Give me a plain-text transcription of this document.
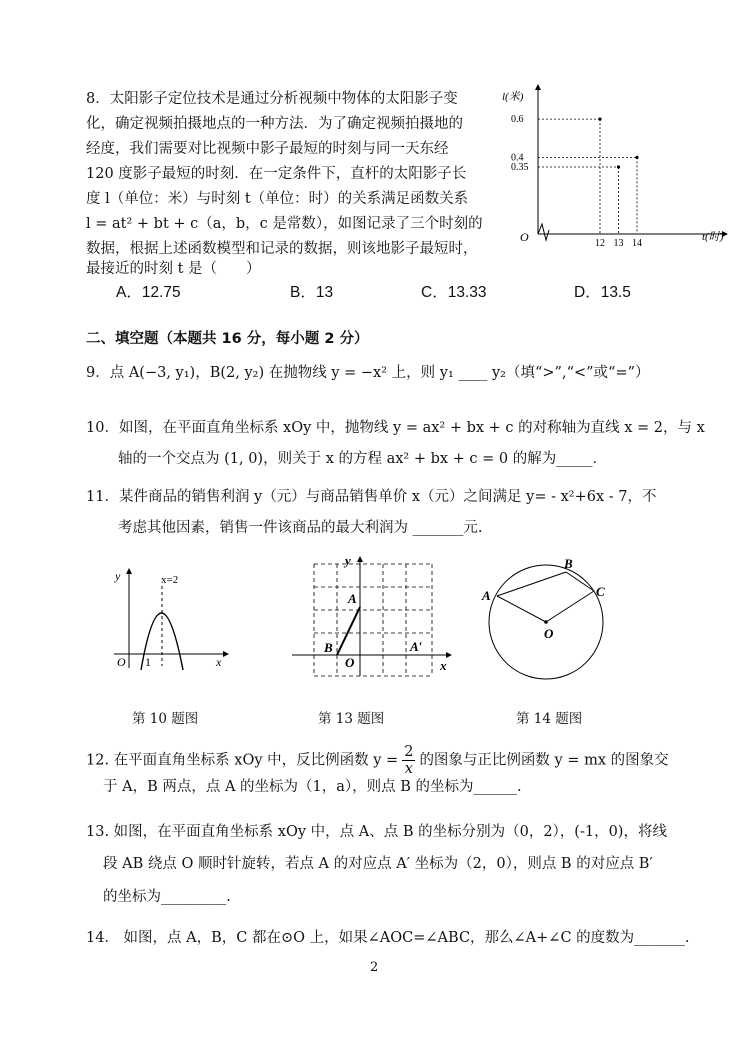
8．太阳影子定位技术是通过分析视频中物体的太阳影子变
化，确定视频拍摄地点的一种方法．为了确定视频拍摄地的
经度，我们需要对比视频中影子最短的时刻与同一天东经
120 度影子最短的时刻．在一定条件下，直杆的太阳影子长
度 l（单位：米）与时刻 t（单位：时）的关系满足函数关系
l = at² + bt + c（a，b，c 是常数），如图记录了三个时刻的
数据，根据上述函数模型和记录的数据，则该地影子最短时，
最接近的时刻 t 是（　　）
A．12.75	B．13	C．13.33	D．13.5
12 13 14
0.6
0.4
0.35
l(米)
t(时)
O
二、填空题（本题共 16 分，每小题 2 分）
9．点 A(−3, y₁)，B(2, y₂) 在抛物线 y = −x² 上，则 y₁ ____ y₂（填“>”,“<”或“=”）
10．如图，在平面直角坐标系 xOy 中，抛物线 y = ax² + bx + c 的对称轴为直线 x = 2，与 x
轴的一个交点为 (1, 0)，则关于 x 的方程 ax² + bx + c = 0 的解为_____．
11．某件商品的销售利润 y（元）与商品销售单价 x（元）之间满足 y= - x²+6x - 7，不
考虑其他因素，销售一件该商品的最大利润为 _______元.
y
x
O 1
x=2
第 10 题图
y
x
O
A
B	A′
第 13 题图
A
B
C
O
第 14 题图
12. 在平面直角坐标系 xOy 中，反比例函数 $y = \frac{2}{x}$ 的图象与正比例函数 y = mx 的图象交
于 A，B 两点，点 A 的坐标为（1，a），则点 B 的坐标为______.
13. 如图，在平面直角坐标系 xOy 中，点 A、点 B 的坐标分别为（0，2），(-1，0)，将线
段 AB 绕点 O 顺时针旋转，若点 A 的对应点 A′ 坐标为（2，0），则点 B 的对应点 B′
的坐标为_________.
14． 如图，点 A，B，C 都在⊙O 上，如果∠AOC=∠ABC，那么∠A+∠C 的度数为_______.
2
